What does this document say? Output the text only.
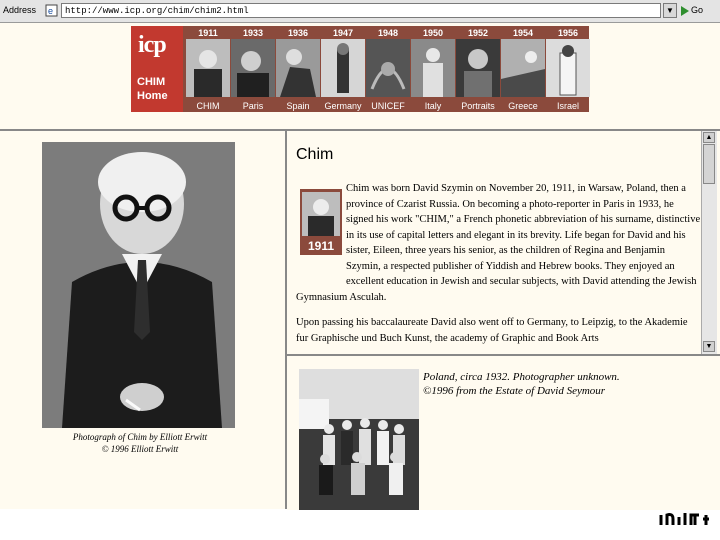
Address e http://www.icp.org/chim/chim2.html	▼	Go
icp
CHIM
Home
1911
CHIM
1933
Paris
1936
Spain
1947
Germany
1948
UNICEF
1950
Italy
1952
Portraits
1954
Greece
1956
Israel
Photograph of Chim by Elliott Erwitt
© 1996 Elliott Erwitt
Chim
1911

Chim was born David Szymin on November 20, 1911, in Warsaw, Poland, then a province of Czarist Russia. On becoming a photo-reporter in Paris in 1933, he signed his work "CHIM," a French phonetic abbreviation of his surname, distinctive in its use of capital letters and elegant in its brevity. Life began for David and his sister, Eileen, three years his senior, as the children of Regina and Benjamin Szymin, a respected publisher of Yiddish and Hebrew books. They enjoyed an excellent education in Jewish and secular subjects, with David attending the Jewish Gymnasium Asculah.

Upon passing his baccalaureate David also went off to Germany, to Leipzig, to the Akademie fur Graphische und Buch Kunst, the academy of Graphic and Book Arts

▲
▼
Poland, circa 1932. Photographer unknown.
©1996 from the Estate of David Seymour
